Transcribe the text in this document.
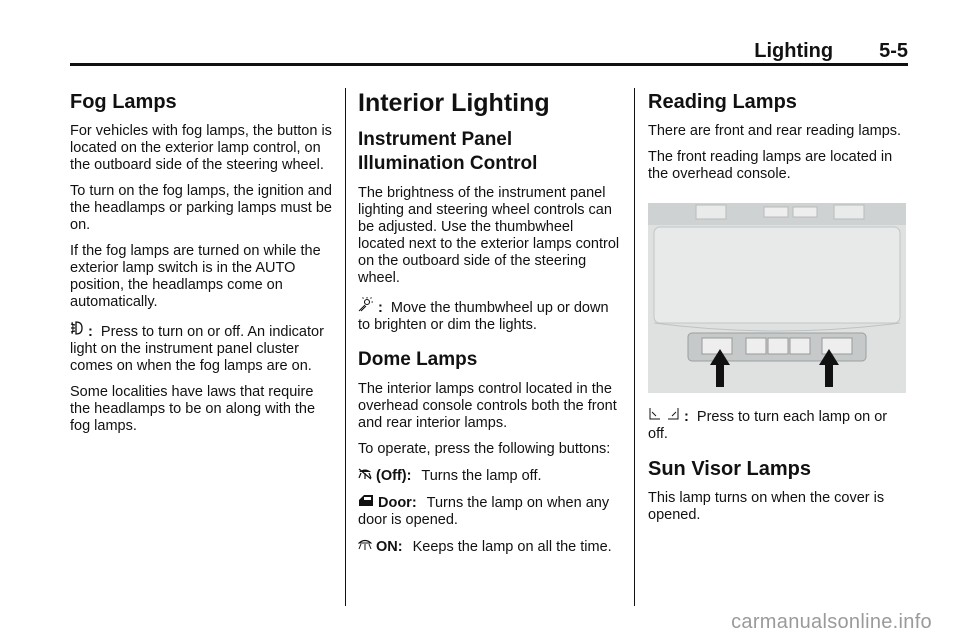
Lighting 5-5
Fog Lamps

For vehicles with fog lamps, the button is located on the exterior lamp control, on the outboard side of the steering wheel.

To turn on the fog lamps, the ignition and the headlamps or parking lamps must be on.

If the fog lamps are turned on while the exterior lamp switch is in the AUTO position, the headlamps come on automatically.

: Press to turn on or off. An indicator light on the instrument panel cluster comes on when the fog lamps are on.

Some localities have laws that require the headlamps to be on along with the fog lamps.

Interior Lighting
Instrument Panel Illumination Control

The brightness of the instrument panel lighting and steering wheel controls can be adjusted. Use the thumbwheel located next to the exterior lamps control on the outboard side of the steering wheel.

: Move the thumbwheel up or down to brighten or dim the lights.

Dome Lamps

The interior lamps control located in the overhead console controls both the front and rear interior lamps.

To operate, press the following buttons:

(Off): Turns the lamp off.

Door: Turns the lamp on when any door is opened.

ON: Keeps the lamp on all the time.

Reading Lamps

There are front and rear reading lamps.

The front reading lamps are located in the overhead console.

: Press to turn each lamp on or off.

Sun Visor Lamps

This lamp turns on when the cover is opened.

carmanualsonline.info
